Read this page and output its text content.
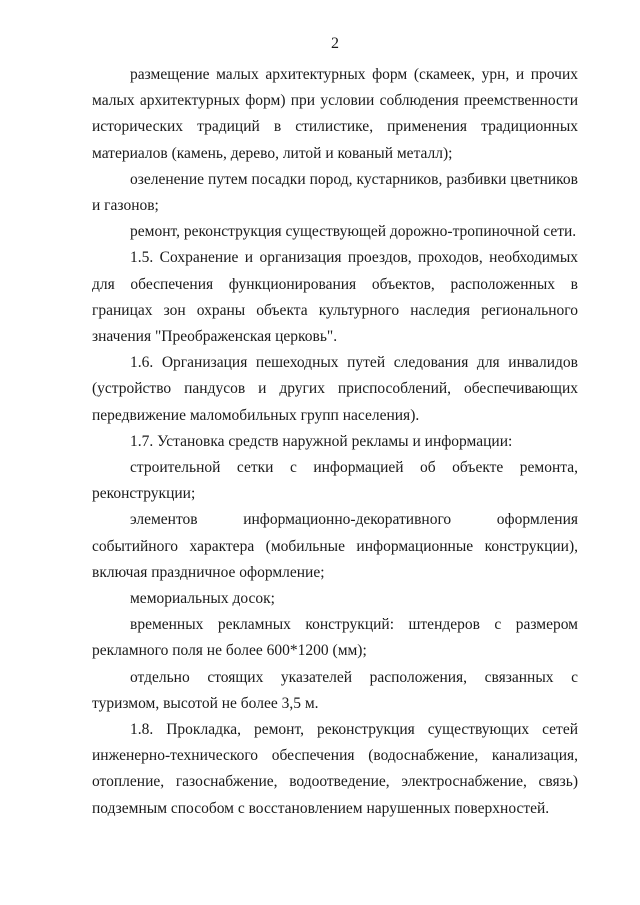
2

размещение малых архитектурных форм (скамеек, урн, и прочих малых архитектурных форм) при условии соблюдения преемственности исторических традиций в стилистике, применения традиционных материалов (камень, дерево, литой и кованый металл);

озеленение путем посадки пород, кустарников, разбивки цветников и газонов;

ремонт, реконструкция существующей дорожно-тропиночной сети.

1.5. Сохранение и организация проездов, проходов, необходимых для обеспечения функционирования объектов, расположенных в границах зон охраны объекта культурного наследия регионального значения "Преображенская церковь".

1.6. Организация пешеходных путей следования для инвалидов (устройство пандусов и других приспособлений, обеспечивающих передвижение маломобильных групп населения).

1.7. Установка средств наружной рекламы и информации:

строительной сетки с информацией об объекте ремонта, реконструкции;

элементов информационно-декоративного оформления событийного характера (мобильные информационные конструкции), включая праздничное оформление;

мемориальных досок;

временных рекламных конструкций: штендеров с размером рекламного поля не более 600*1200 (мм);

отдельно стоящих указателей расположения, связанных с туризмом, высотой не более 3,5 м.

1.8. Прокладка, ремонт, реконструкция существующих сетей инженерно-технического обеспечения (водоснабжение, канализация, отопление, газоснабжение, водоотведение, электроснабжение, связь) подземным способом с восстановлением нарушенных поверхностей.
